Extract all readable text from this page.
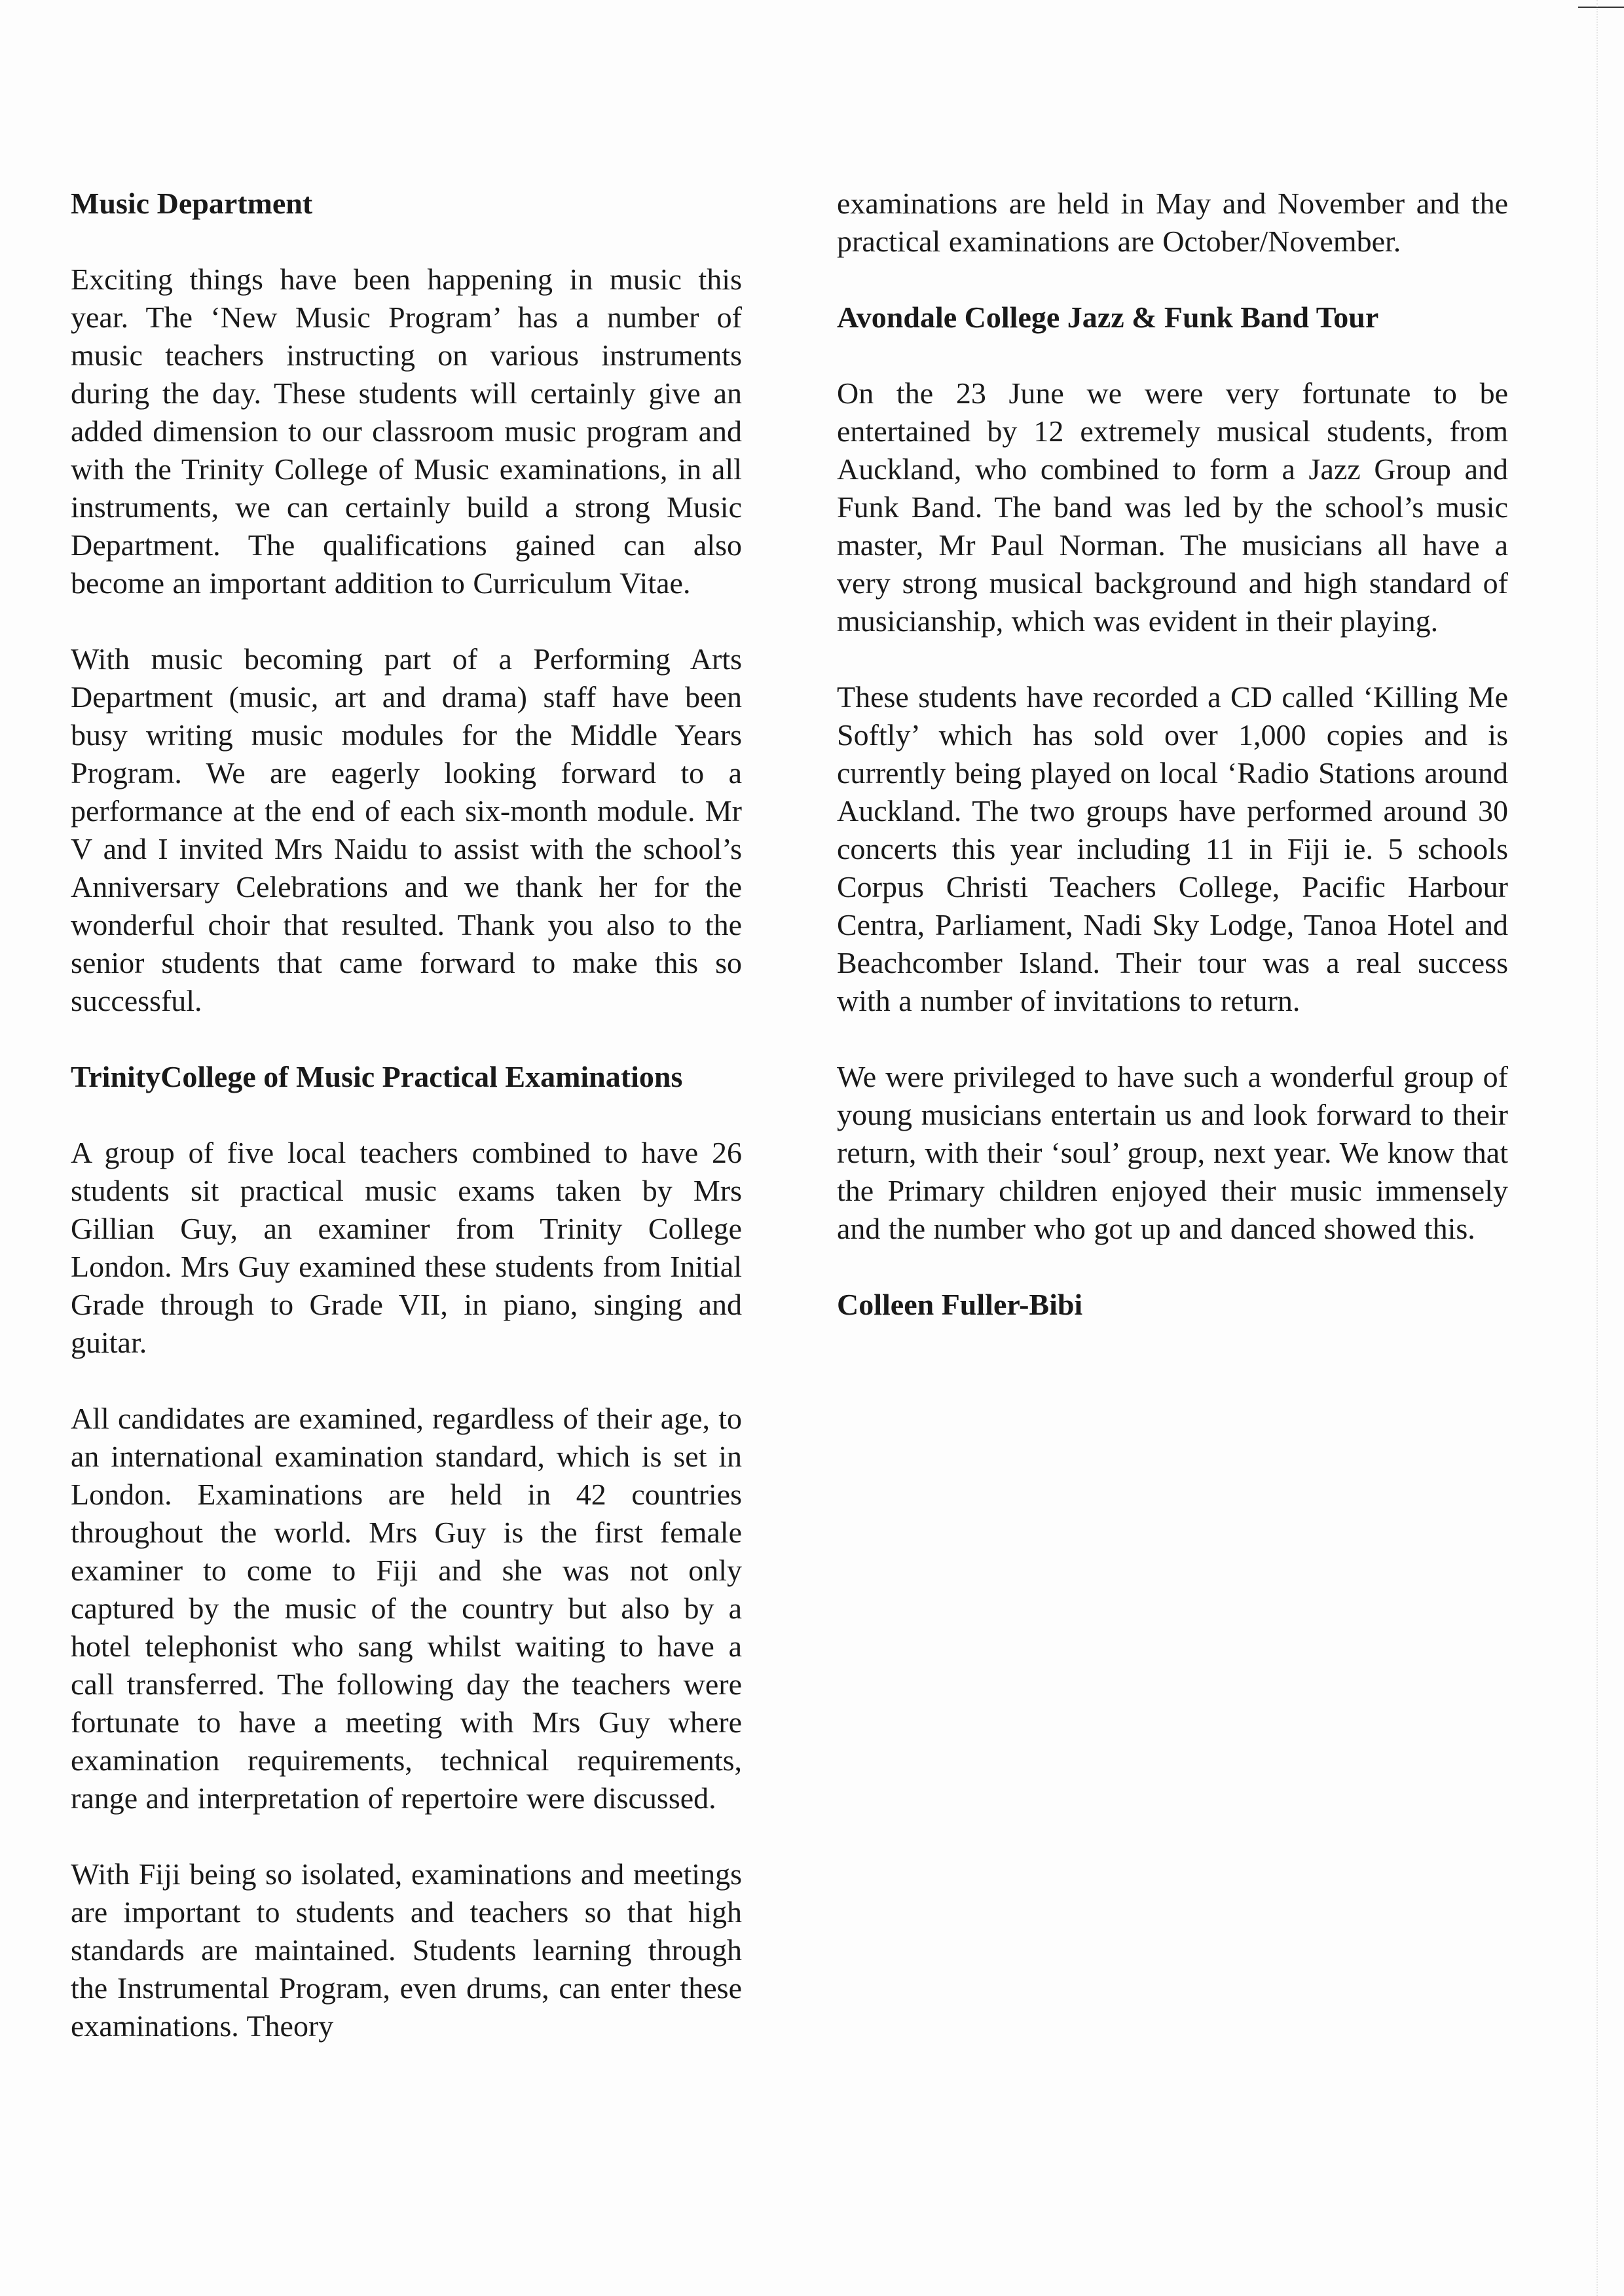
Music Department

Exciting things have been happening in music this year. The ‘New Music Program’ has a number of music teachers instructing on various instruments during the day. These students will certainly give an added dimension to our classroom music program and with the Trinity College of Music examinations, in all instruments, we can certainly build a strong Music Department. The qualifications gained can also become an important addition to Curriculum Vitae.

With music becoming part of a Performing Arts Department (music, art and drama) staff have been busy writing music modules for the Middle Years Program. We are eagerly looking forward to a performance at the end of each six-month module. Mr V and I invited Mrs Naidu to assist with the school’s Anniversary Celebrations and we thank her for the wonderful choir that resulted. Thank you also to the senior students that came forward to make this so successful.

TrinityCollege of Music Practical Examinations

A group of five local teachers combined to have 26 students sit practical music exams taken by Mrs Gillian Guy, an examiner from Trinity College London. Mrs Guy examined these students from Initial Grade through to Grade VII, in piano, singing and guitar.

All candidates are examined, regardless of their age, to an international examination standard, which is set in London. Examinations are held in 42 countries throughout the world. Mrs Guy is the first female examiner to come to Fiji and she was not only captured by the music of the country but also by a hotel telephonist who sang whilst waiting to have a call transferred. The following day the teachers were fortunate to have a meeting with Mrs Guy where examination requirements, technical requirements, range and interpretation of repertoire were discussed.

With Fiji being so isolated, examinations and meetings are important to students and teachers so that high standards are maintained. Students learning through the Instrumental Program, even drums, can enter these examinations. Theory

examinations are held in May and November and the practical examinations are October/November.

Avondale College Jazz & Funk Band Tour

On the 23 June we were very fortunate to be entertained by 12 extremely musical students, from Auckland, who combined to form a Jazz Group and Funk Band. The band was led by the school’s music master, Mr Paul Norman. The musicians all have a very strong musical background and high standard of musicianship, which was evident in their playing.

These students have recorded a CD called ‘Killing Me Softly’ which has sold over 1,000 copies and is currently being played on local ‘Radio Stations around Auckland. The two groups have performed around 30 concerts this year including 11 in Fiji ie. 5 schools Corpus Christi Teachers College, Pacific Harbour Centra, Parliament, Nadi Sky Lodge, Tanoa Hotel and Beachcomber Island. Their tour was a real success with a number of invitations to return.

We were privileged to have such a wonderful group of young musicians entertain us and look forward to their return, with their ‘soul’ group, next year. We know that the Primary children enjoyed their music immensely and the number who got up and danced showed this.

Colleen Fuller-Bibi
